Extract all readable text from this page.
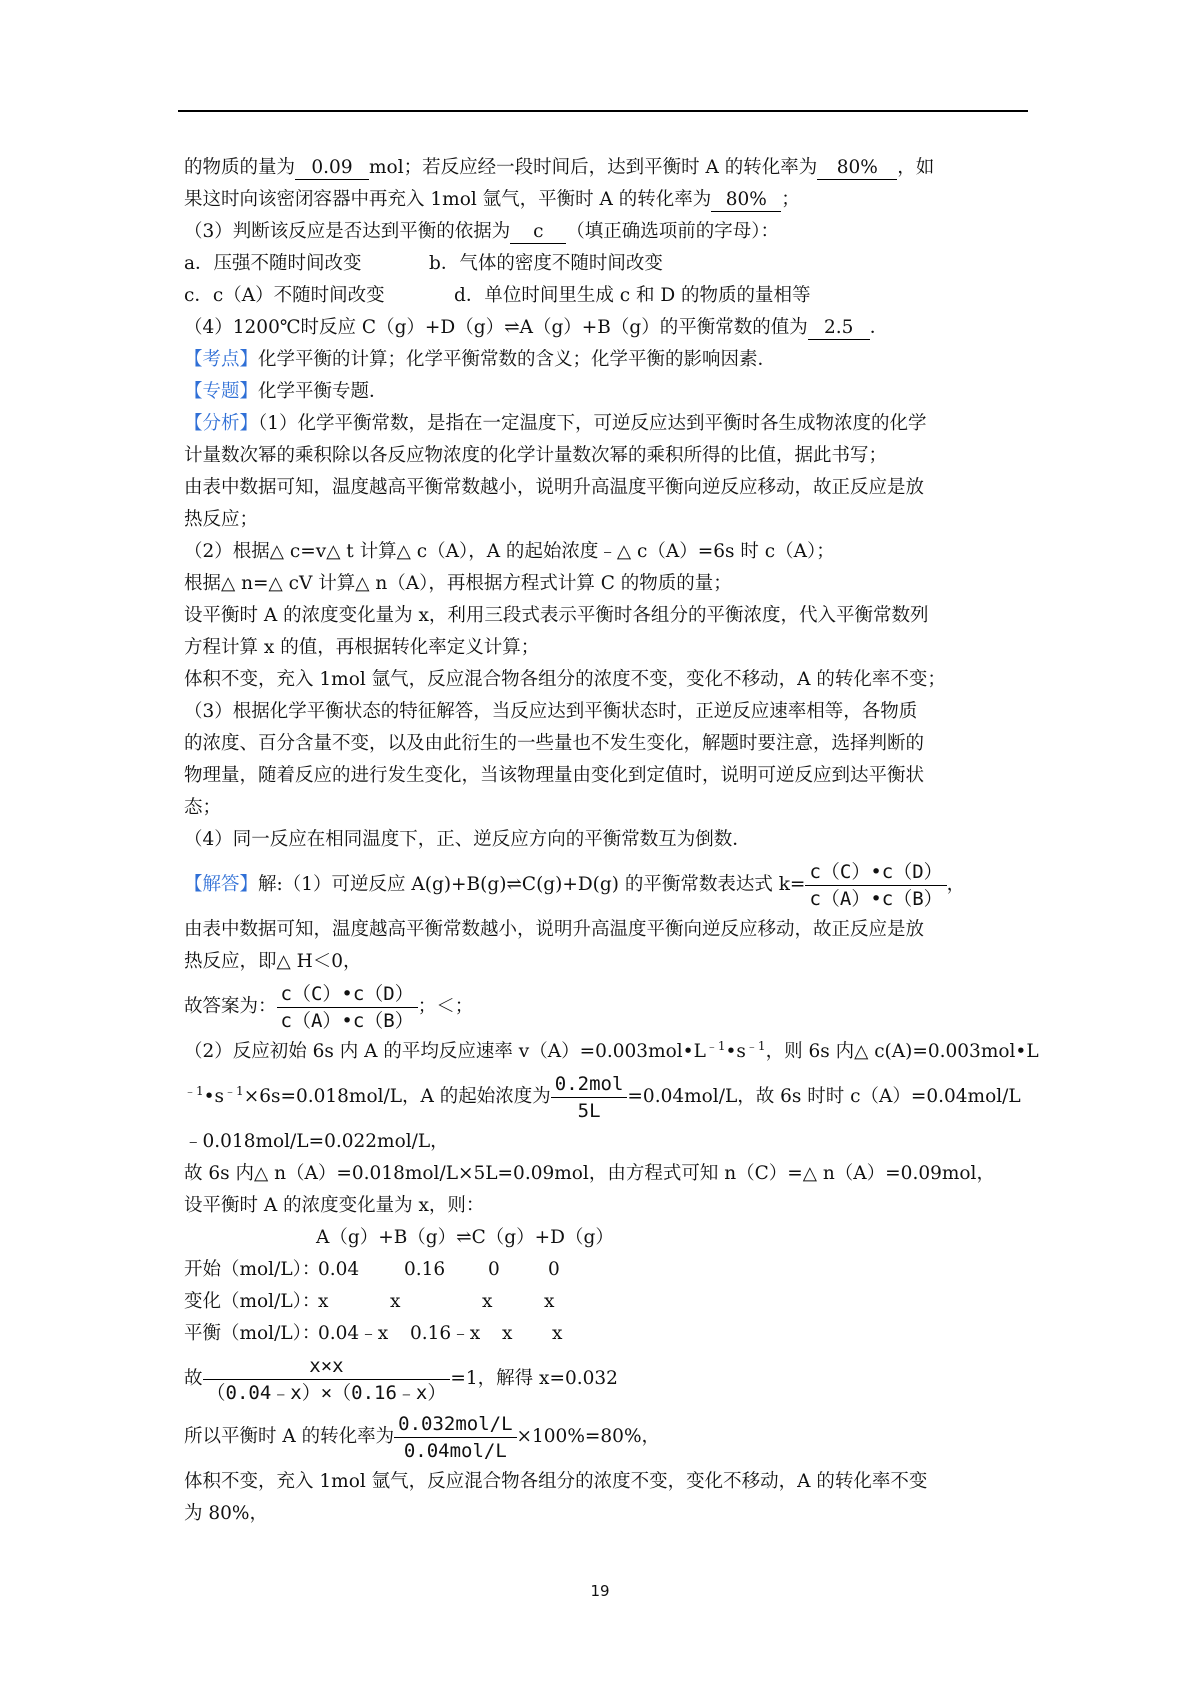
的物质的量为 0.09 mol；若反应经一段时间后，达到平衡时 A 的转化率为 80% ，如
果这时向该密闭容器中再充入 1mol 氩气，平衡时 A 的转化率为 80% ；
（3）判断该反应是否达到平衡的依据为 c （填正确选项前的字母）：
a．压强不随时间改变	b．气体的密度不随时间改变
c．c（A）不随时间改变	d．单位时间里生成 c 和 D 的物质的量相等
（4）1200℃时反应 C（g）+D（g）⇌A（g）+B（g）的平衡常数的值为 2.5 ．
【考点】化学平衡的计算；化学平衡常数的含义；化学平衡的影响因素．
【专题】化学平衡专题．
【分析】（1）化学平衡常数，是指在一定温度下，可逆反应达到平衡时各生成物浓度的化学
计量数次幂的乘积除以各反应物浓度的化学计量数次幂的乘积所得的比值，据此书写；
由表中数据可知，温度越高平衡常数越小，说明升高温度平衡向逆反应移动，故正反应是放
热反应；
（2）根据△ c=v△ t 计算△ c（A），A 的起始浓度﹣△ c（A）=6s 时 c（A）；
根据△ n=△ cV 计算△ n（A），再根据方程式计算 C 的物质的量；
设平衡时 A 的浓度变化量为 x，利用三段式表示平衡时各组分的平衡浓度，代入平衡常数列
方程计算 x 的值，再根据转化率定义计算；
体积不变，充入 1mol 氩气，反应混合物各组分的浓度不变，变化不移动，A 的转化率不变；
（3）根据化学平衡状态的特征解答，当反应达到平衡状态时，正逆反应速率相等，各物质
的浓度、百分含量不变，以及由此衍生的一些量也不发生变化，解题时要注意，选择判断的
物理量，随着反应的进行发生变化，当该物理量由变化到定值时，说明可逆反应到达平衡状
态；
（4）同一反应在相同温度下，正、逆反应方向的平衡常数互为倒数．
【解答】解:（1）可逆反应 A(g)+B(g)⇌C(g)+D(g) 的平衡常数表达式 $k= \frac{c(C)•c(D)}{c(A)•c(B)}$ ，
由表中数据可知，温度越高平衡常数越小，说明升高温度平衡向逆反应移动，故正反应是放
热反应，即△ H＜0，
故答案为： $\frac{c(C)•c(D)}{c(A)•c(B)}$ ；＜；
（2）反应初始 6s 内 A 的平均反应速率 $v(A)=0.003mol•L^{﹣1}•s^{﹣1}$，则 6s 内△ c(A)=0.003mol•L
$^{﹣1}•s^{﹣1}\times 6s=0.018mol/L$，A 的起始浓度为 $\frac{\text{0.2mol}}{5L} =0.04mol/L$，故 6s 时时 c（A）=0.04mol/L
﹣0.018mol/L=0.022mol/L，
故 6s 内△ n（A）=0.018mol/L×5L=0.09mol，由方程式可知 n（C）=△ n（A）=0.09mol，
设平衡时 A 的浓度变化量为 x，则：
A（g）+B（g）⇌C（g）+D（g）
开始（mol/L）：0.04 0.16 0	0
变化（mol/L）：x	x	x	x
平衡（mol/L）：0.04﹣x 0.16﹣x x x
故 $\frac{x\times x}{(0.04﹣x)\times(0.16﹣x)} =1$，解得 x=0.032
所以平衡时 A 的转化率为 $\frac{\text{0.032mol/L}}{\text{0.04mol/L}} \times 100\%=80\%$，
体积不变，充入 1mol 氩气，反应混合物各组分的浓度不变，变化不移动，A 的转化率不变
为 80%，
19
